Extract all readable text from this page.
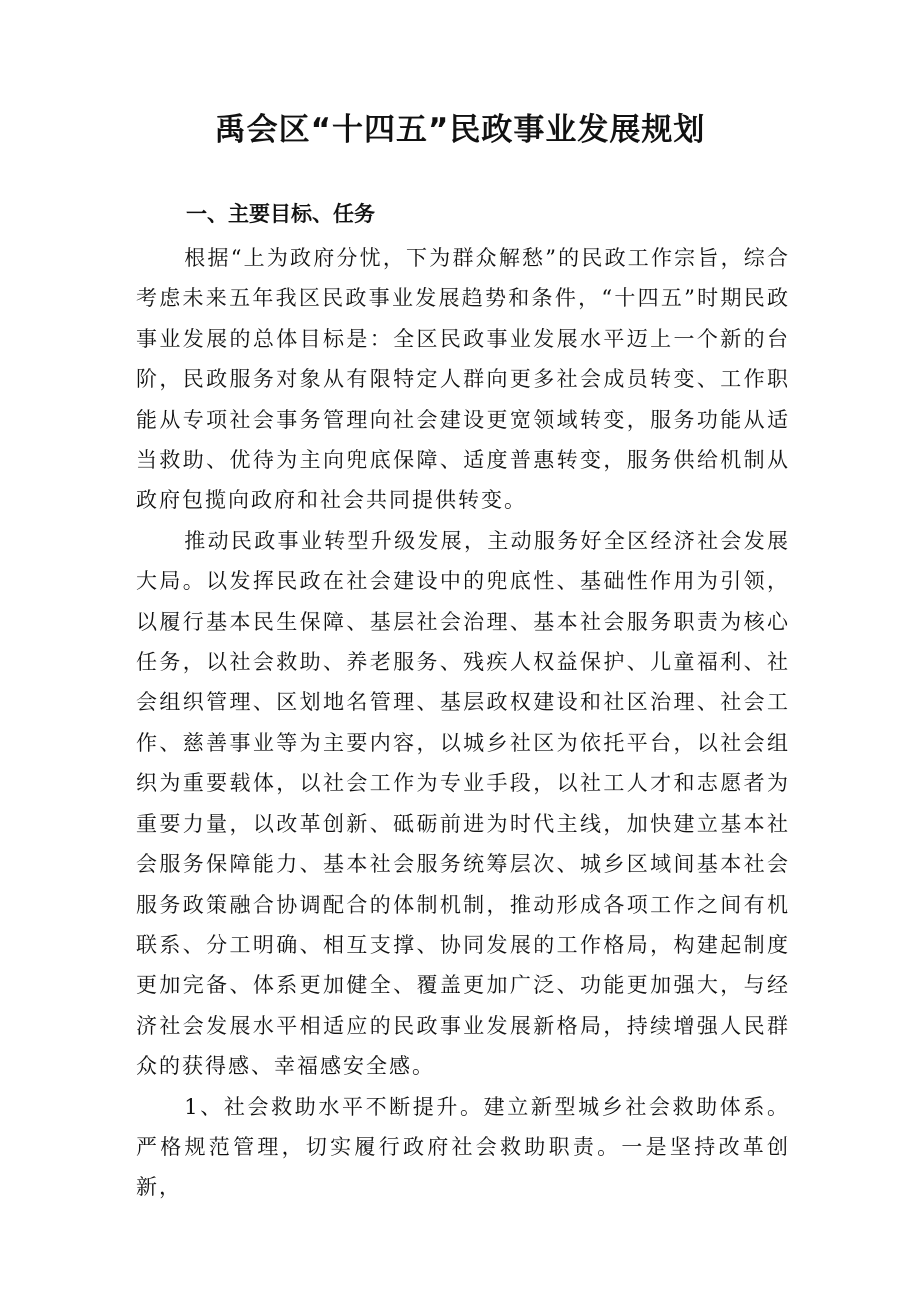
禹会区“十四五”民政事业发展规划
一、主要目标、任务

根据“上为政府分忧，下为群众解愁”的民政工作宗旨，综合考虑未来五年我区民政事业发展趋势和条件，“十四五”时期民政事业发展的总体目标是：全区民政事业发展水平迈上一个新的台阶，民政服务对象从有限特定人群向更多社会成员转变、工作职能从专项社会事务管理向社会建设更宽领域转变，服务功能从适当救助、优待为主向兜底保障、适度普惠转变，服务供给机制从政府包揽向政府和社会共同提供转变。

推动民政事业转型升级发展，主动服务好全区经济社会发展大局。以发挥民政在社会建设中的兜底性、基础性作用为引领，以履行基本民生保障、基层社会治理、基本社会服务职责为核心任务，以社会救助、养老服务、残疾人权益保护、儿童福利、社会组织管理、区划地名管理、基层政权建设和社区治理、社会工作、慈善事业等为主要内容，以城乡社区为依托平台，以社会组织为重要载体，以社会工作为专业手段，以社工人才和志愿者为重要力量，以改革创新、砥砺前进为时代主线，加快建立基本社会服务保障能力、基本社会服务统筹层次、城乡区域间基本社会服务政策融合协调配合的体制机制，推动形成各项工作之间有机联系、分工明确、相互支撑、协同发展的工作格局，构建起制度更加完备、体系更加健全、覆盖更加广泛、功能更加强大，与经济社会发展水平相适应的民政事业发展新格局，持续增强人民群众的获得感、幸福感安全感。

1、社会救助水平不断提升。建立新型城乡社会救助体系。严格规范管理，切实履行政府社会救助职责。一是坚持改革创新，
